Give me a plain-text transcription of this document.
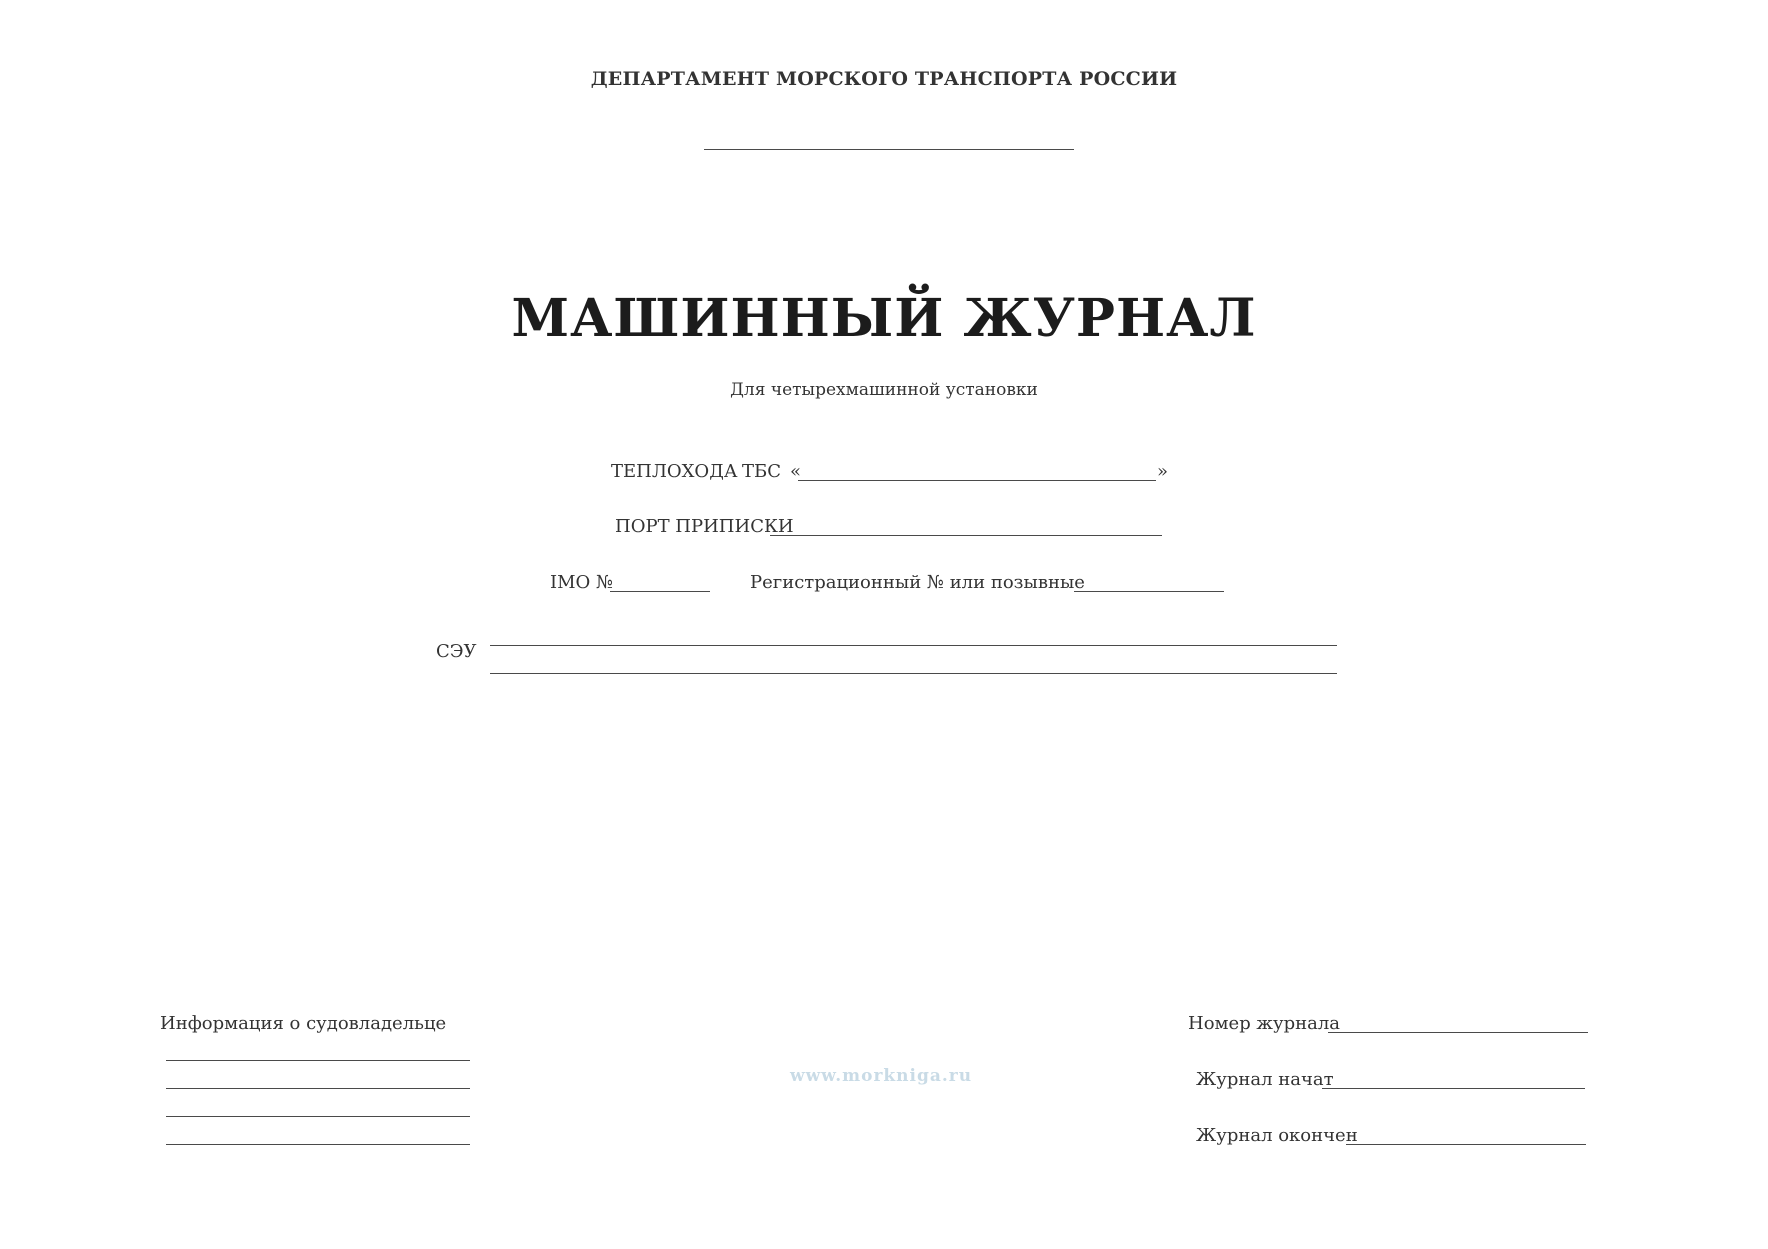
ДЕПАРТАМЕНТ МОРСКОГО ТРАНСПОРТА РОССИИ
МАШИННЫЙ ЖУРНАЛ
Для четырехмашинной установки
ТЕПЛОХОДА ТБС «	»
ПОРТ ПРИПИСКИ
IMO №	Регистрационный № или позывные
СЭУ
Информация о судовладельце
www.morkniga.ru
Номер журнала
Журнал начат
Журнал окончен
